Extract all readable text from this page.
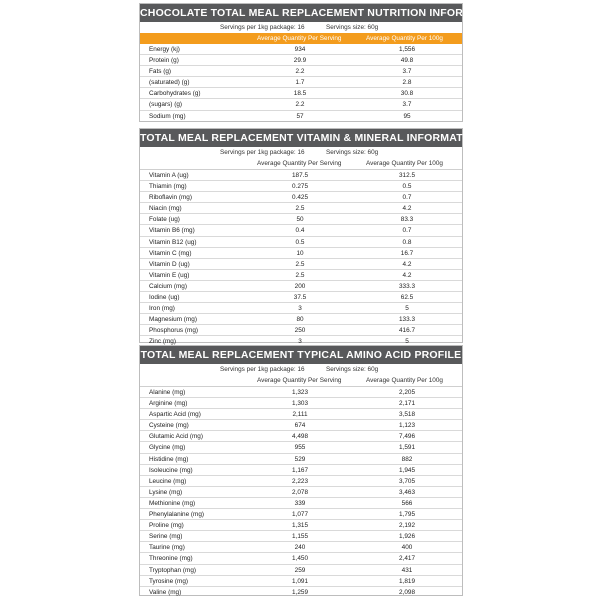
CHOCOLATE TOTAL MEAL REPLACEMENT NUTRITION INFORMATION
Servings per 1kg package: 16	Servings size: 60g
Average Quantity Per Serving	Average Quantity Per 100g
Energy (kj)	934	1,556
Protein (g)	29.9	49.8
Fats (g)	2.2	3.7
(saturated) (g)	1.7	2.8
Carbohydrates (g)	18.5	30.8
(sugars) (g)	2.2	3.7
Sodium (mg)	57	95
TOTAL MEAL REPLACEMENT VITAMIN & MINERAL INFORMATION
Servings per 1kg package: 16	Servings size: 60g
Average Quantity Per Serving	Average Quantity Per 100g
Vitamin A (ug)	187.5	312.5
Thiamin (mg)	0.275	0.5
Riboflavin (mg)	0.425	0.7
Niacin (mg)	2.5	4.2
Folate (ug)	50	83.3
Vitamin B6 (mg)	0.4	0.7
Vitamin B12 (ug)	0.5	0.8
Vitamin C (mg)	10	16.7
Vitamin D (ug)	2.5	4.2
Vitamin E (ug)	2.5	4.2
Calcium (mg)	200	333.3
Iodine (ug)	37.5	62.5
Iron (mg)	3	5
Magnesium (mg)	80	133.3
Phosphorus (mg)	250	416.7
Zinc (mg)	3	5
TOTAL MEAL REPLACEMENT TYPICAL AMINO ACID PROFILE
Servings per 1kg package: 16	Servings size: 60g
Average Quantity Per Serving	Average Quantity Per 100g
Alanine (mg)	1,323	2,205
Arginine (mg)	1,303	2,171
Aspartic Acid (mg)	2,111	3,518
Cysteine (mg)	674	1,123
Glutamic Acid (mg)	4,498	7,496
Glycine (mg)	955	1,591
Histidine (mg)	529	882
Isoleucine (mg)	1,167	1,945
Leucine (mg)	2,223	3,705
Lysine (mg)	2,078	3,463
Methionine (mg)	339	566
Phenylalanine (mg)	1,077	1,795
Proline (mg)	1,315	2,192
Serine (mg)	1,155	1,926
Taurine (mg)	240	400
Threonine (mg)	1,450	2,417
Tryptophan (mg)	259	431
Tyrosine (mg)	1,091	1,819
Valine (mg)	1,259	2,098
